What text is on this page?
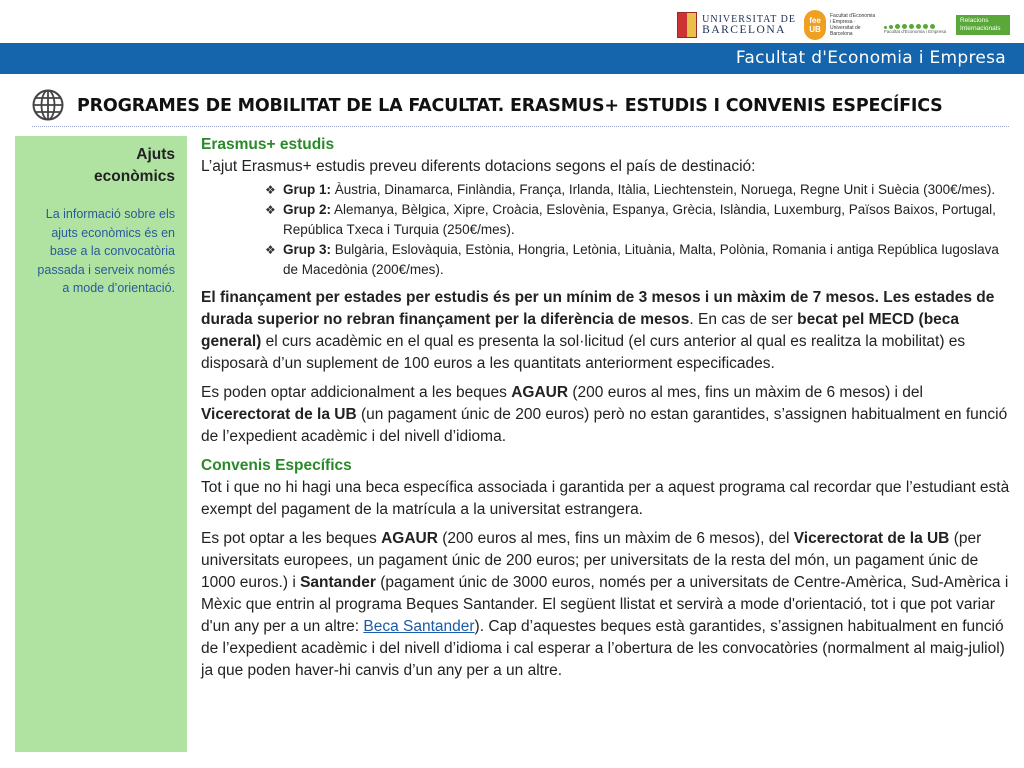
UNIVERSITAT DE
BARCELONA
fee
UB
Facultat d'Economia i Empresa · Universitat de Barcelona	Facultat d'Economia i Empresa
Relacions Internacionals
Facultat d'Economia i Empresa
PROGRAMES DE MOBILITAT DE LA FACULTAT. ERASMUS+ ESTUDIS I CONVENIS ESPECÍFICS
Ajuts
econòmics
La informació sobre els ajuts econòmics és en base a la convocatòria passada i serveix només a mode d’orientació.
Erasmus+ estudis

L’ajut Erasmus+ estudis preveu diferents dotacions segons el país de destinació:

❖ Grup 1: Àustria, Dinamarca, Finlàndia, França, Irlanda, Itàlia, Liechtenstein, Noruega, Regne Unit i Suècia (300€/mes).
❖ Grup 2: Alemanya, Bèlgica, Xipre, Croàcia, Eslovènia, Espanya, Grècia, Islàndia, Luxemburg, Països Baixos, Portugal, República Txeca i Turquia (250€/mes).
❖ Grup 3: Bulgària, Eslovàquia, Estònia, Hongria, Letònia, Lituània, Malta, Polònia, Romania i antiga República Iugoslava de Macedònia (200€/mes).

El finançament per estades per estudis és per un mínim de 3 mesos i un màxim de 7 mesos. Les estades de durada superior no rebran finançament per la diferència de mesos. En cas de ser becat pel MECD (beca general) el curs acadèmic en el qual es presenta la sol·licitud (el curs anterior al qual es realitza la mobilitat) es disposarà d’un suplement de 100 euros a les quantitats anteriorment especificades.

Es poden optar addicionalment a les beques AGAUR (200 euros al mes, fins un màxim de 6 mesos) i del Vicerectorat de la UB (un pagament únic de 200 euros) però no estan garantides, s’assignen habitualment en funció de l’expedient acadèmic i del nivell d’idioma.

Convenis Específics

Tot i que no hi hagi una beca específica associada i garantida per a aquest programa cal recordar que l’estudiant està exempt del pagament de la matrícula a la universitat estrangera.

Es pot optar a les beques AGAUR (200 euros al mes, fins un màxim de 6 mesos), del Vicerectorat de la UB (per universitats europees, un pagament únic de 200 euros; per universitats de la resta del món, un pagament únic de 1000 euros.) i Santander (pagament únic de 3000 euros, només per a universitats de Centre-Amèrica, Sud-Amèrica i Mèxic que entrin al programa Beques Santander. El següent llistat et servirà a mode d'orientació, tot i que pot variar d'un any per a un altre: Beca Santander). Cap d’aquestes beques està garantides, s’assignen habitualment en funció de l’expedient acadèmic i del nivell d’idioma i cal esperar a l’obertura de les convocatòries (normalment al maig-juliol) ja que poden haver-hi canvis d’un any per a un altre.
